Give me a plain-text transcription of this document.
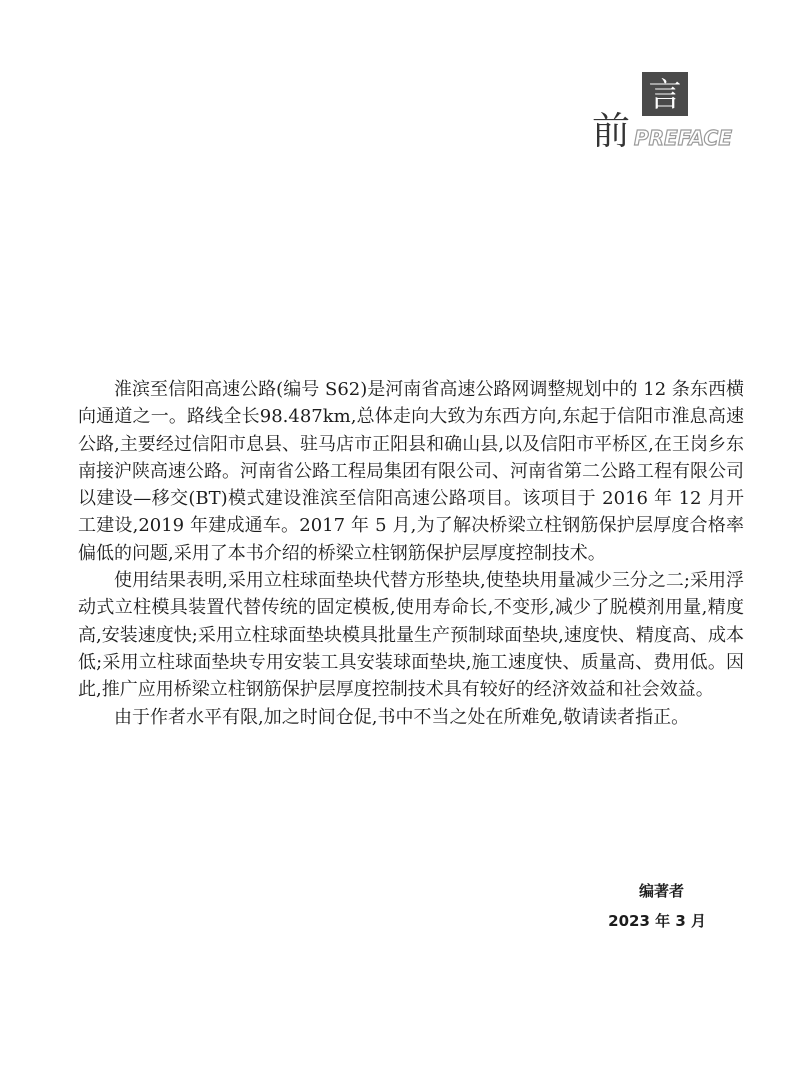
言
前 PREFACE

淮滨至信阳高速公路(编号 S62)是河南省高速公路网调整规划中的 12 条东西横向通道之一。路线全长98.487km,总体走向大致为东西方向,东起于信阳市淮息高速公路,主要经过信阳市息县、驻马店市正阳县和确山县,以及信阳市平桥区,在王岗乡东南接沪陕高速公路。河南省公路工程局集团有限公司、河南省第二公路工程有限公司以建设—移交(BT)模式建设淮滨至信阳高速公路项目。该项目于 2016 年 12 月开工建设,2019 年建成通车。2017 年 5 月,为了解决桥梁立柱钢筋保护层厚度合格率偏低的问题,采用了本书介绍的桥梁立柱钢筋保护层厚度控制技术。

使用结果表明,采用立柱球面垫块代替方形垫块,使垫块用量减少三分之二;采用浮动式立柱模具装置代替传统的固定模板,使用寿命长,不变形,减少了脱模剂用量,精度高,安装速度快;采用立柱球面垫块模具批量生产预制球面垫块,速度快、精度高、成本低;采用立柱球面垫块专用安装工具安装球面垫块,施工速度快、质量高、费用低。因此,推广应用桥梁立柱钢筋保护层厚度控制技术具有较好的经济效益和社会效益。

由于作者水平有限,加之时间仓促,书中不当之处在所难免,敬请读者指正。

编著者
2023 年 3 月
